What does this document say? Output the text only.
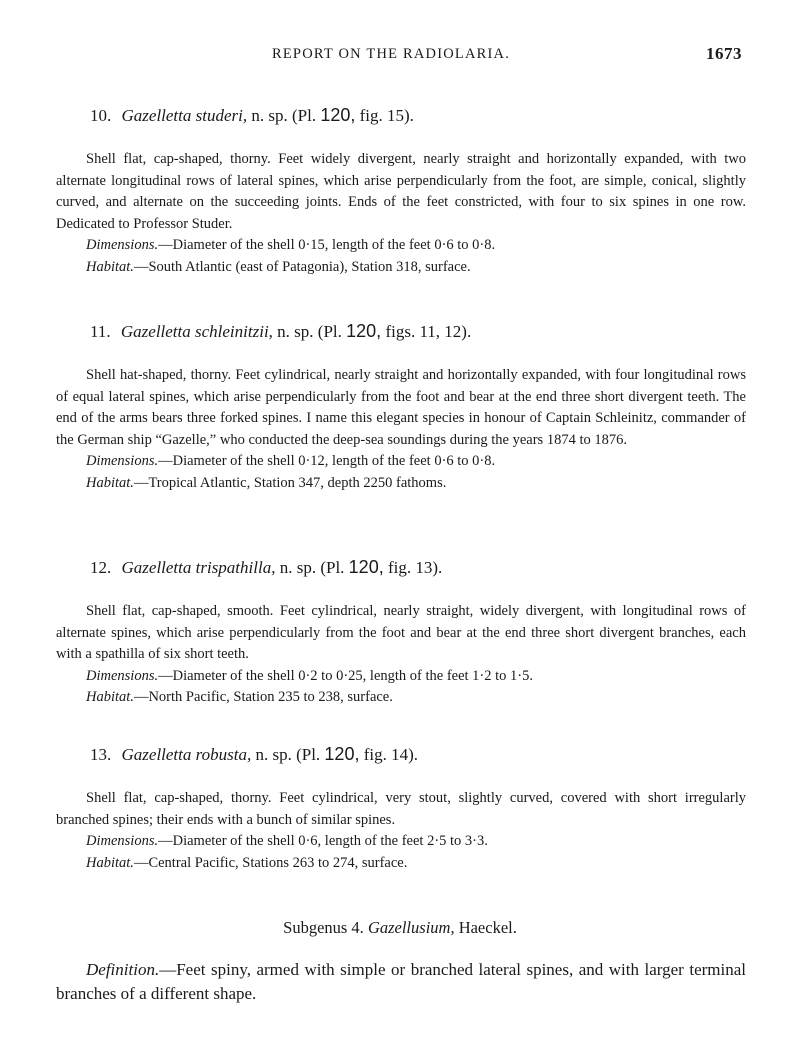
REPORT ON THE RADIOLARIA.	1673
10. Gazelletta studeri, n. sp. (Pl. 120, fig. 15).
Shell flat, cap-shaped, thorny. Feet widely divergent, nearly straight and horizontally expanded, with two alternate longitudinal rows of lateral spines, which arise perpendicularly from the foot, are simple, conical, slightly curved, and alternate on the succeeding joints. Ends of the feet constricted, with four to six spines in one row. Dedicated to Professor Studer.
Dimensions.—Diameter of the shell 0·15, length of the feet 0·6 to 0·8.
Habitat.—South Atlantic (east of Patagonia), Station 318, surface.
11. Gazelletta schleinitzii, n. sp. (Pl. 120, figs. 11, 12).
Shell hat-shaped, thorny. Feet cylindrical, nearly straight and horizontally expanded, with four longitudinal rows of equal lateral spines, which arise perpendicularly from the foot and bear at the end three short divergent teeth. The end of the arms bears three forked spines. I name this elegant species in honour of Captain Schleinitz, commander of the German ship “Gazelle,” who conducted the deep-sea soundings during the years 1874 to 1876.
Dimensions.—Diameter of the shell 0·12, length of the feet 0·6 to 0·8.
Habitat.—Tropical Atlantic, Station 347, depth 2250 fathoms.
12. Gazelletta trispathilla, n. sp. (Pl. 120, fig. 13).
Shell flat, cap-shaped, smooth. Feet cylindrical, nearly straight, widely divergent, with longitudinal rows of alternate spines, which arise perpendicularly from the foot and bear at the end three short divergent branches, each with a spathilla of six short teeth.
Dimensions.—Diameter of the shell 0·2 to 0·25, length of the feet 1·2 to 1·5.
Habitat.—North Pacific, Station 235 to 238, surface.
13. Gazelletta robusta, n. sp. (Pl. 120, fig. 14).
Shell flat, cap-shaped, thorny. Feet cylindrical, very stout, slightly curved, covered with short irregularly branched spines; their ends with a bunch of similar spines.
Dimensions.—Diameter of the shell 0·6, length of the feet 2·5 to 3·3.
Habitat.—Central Pacific, Stations 263 to 274, surface.
Subgenus 4. Gazellusium, Haeckel.
Definition.—Feet spiny, armed with simple or branched lateral spines, and with larger terminal branches of a different shape.
